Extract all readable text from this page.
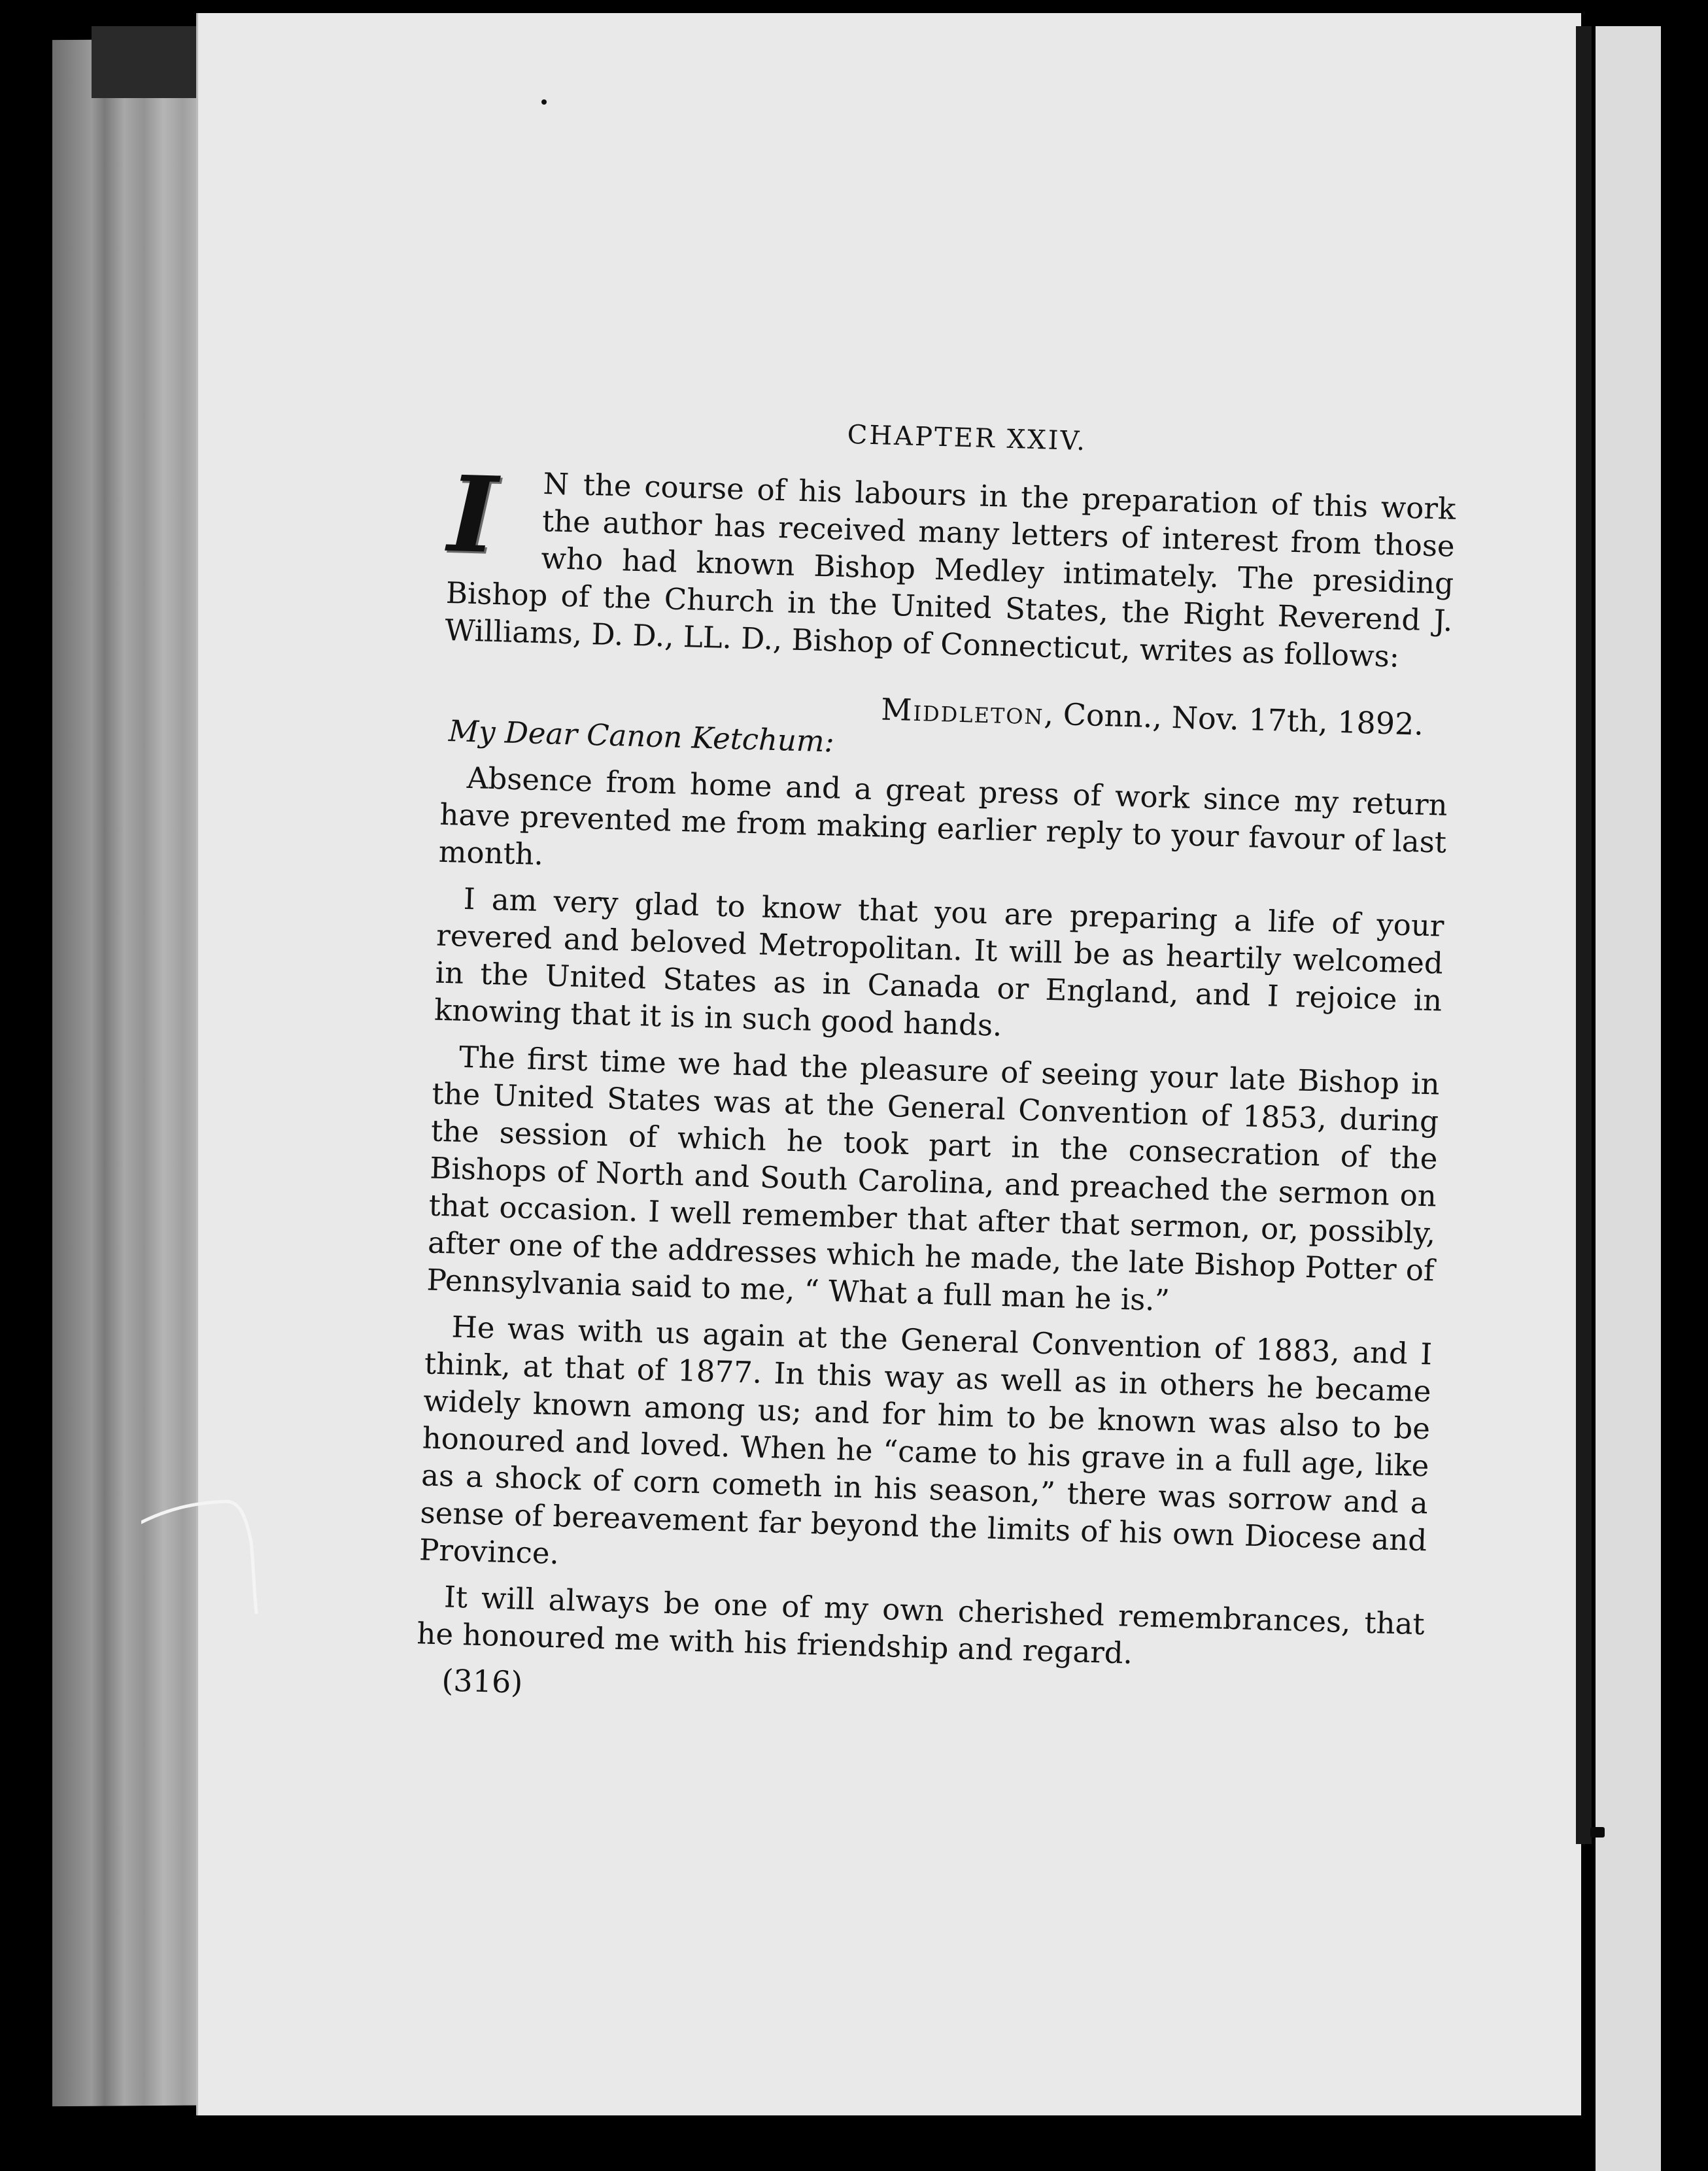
CHAPTER XXIV.
I	N the course of his labours in the preparation of this work the author has received many letters of interest from those who had known Bishop Medley intimately. The presiding Bishop of the Church in the United States, the Right Reverend J. Williams, D. D., LL. D., Bishop of Connecticut, writes as follows:
Middleton, Conn., Nov. 17th, 1892.
My Dear Canon Ketchum:

Absence from home and a great press of work since my return have prevented me from making earlier reply to your favour of last month.

I am very glad to know that you are preparing a life of your revered and beloved Metropolitan. It will be as heartily welcomed in the United States as in Canada or England, and I rejoice in knowing that it is in such good hands.

The first time we had the pleasure of seeing your late Bishop in the United States was at the General Convention of 1853, during the session of which he took part in the consecration of the Bishops of North and South Carolina, and preached the sermon on that occasion. I well remember that after that sermon, or, possibly, after one of the addresses which he made, the late Bishop Potter of Pennsylvania said to me, “ What a full man he is.”

He was with us again at the General Convention of 1883, and I think, at that of 1877. In this way as well as in others he became widely known among us; and for him to be known was also to be honoured and loved. When he “came to his grave in a full age, like as a shock of corn cometh in his season,” there was sorrow and a sense of bereavement far beyond the limits of his own Diocese and Province.

It will always be one of my own cherished remembrances, that he honoured me with his friendship and regard.

(316)
